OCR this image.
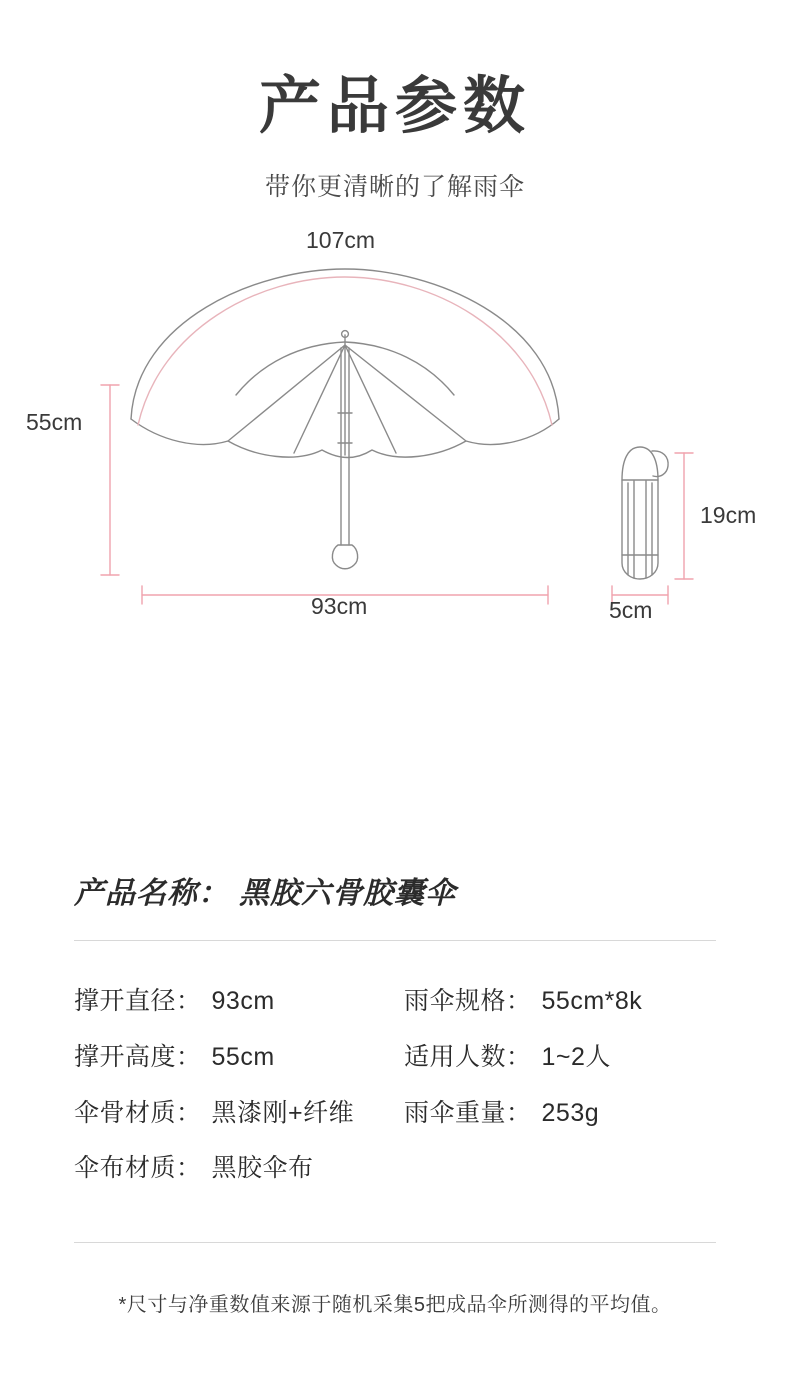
产品参数
带你更清晰的了解雨伞
107cm
55cm
93cm
19cm
5cm
产品名称： 黑胶六骨胶囊伞
撑开直径： 93cm	雨伞规格： 55cm*8k
撑开高度： 55cm	适用人数： 1~2人
伞骨材质： 黑漆刚+纤维 雨伞重量： 253g
伞布材质： 黑胶伞布
*尺寸与净重数值来源于随机采集5把成品伞所测得的平均值。
